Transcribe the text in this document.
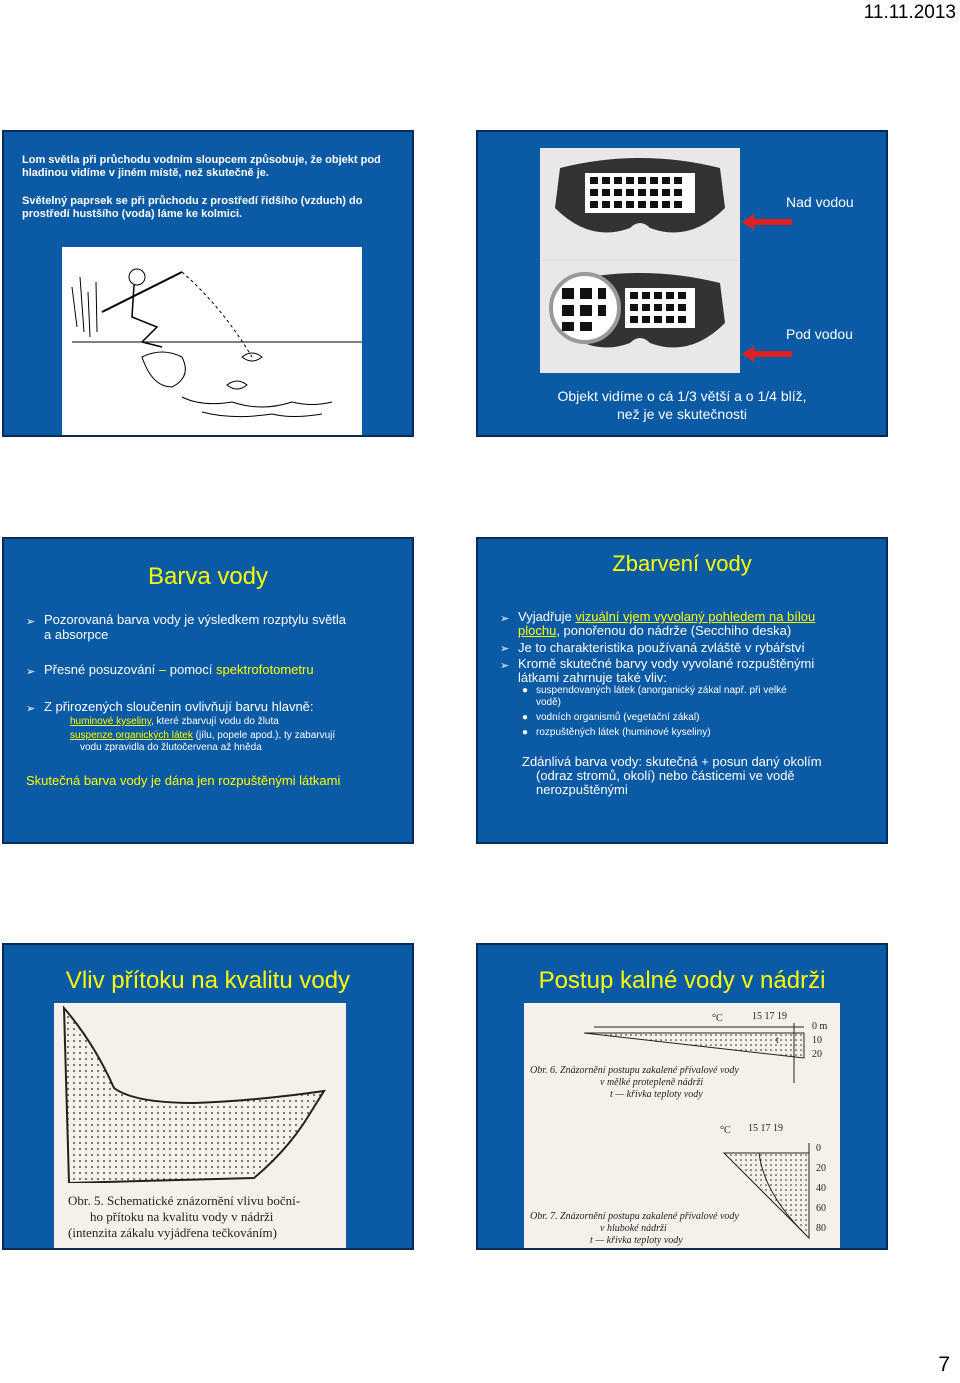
11.11.2013
Lom světla při průchodu vodním sloupcem způsobuje, že objekt pod hladinou vidíme v jiném místě, než skutečně je.
Světelný paprsek se při průchodu z prostředí řidšího (vzduch) do prostředí hustšího (voda) láme ke kolmici.
Nad vodou
Pod vodou
Objekt vidíme o cá 1/3 větší a o 1/4 blíž,
než je ve skutečnosti
Barva vody
➢ Pozorovaná barva vody je výsledkem rozptylu světla
a absorpce
➢ Přesné posuzování – pomocí spektrofotometru
➢ Z přirozených sloučenin ovlivňují barvu hlavně:
huminové kyseliny, které zbarvují vodu do žluta
suspenze organických látek (jílu, popele apod.), ty zabarvují
vodu zpravidla do žlutočervena až hněda
Skutečná barva vody je dána jen rozpuštěnými látkami
Zbarvení vody
➢ Vyjadřuje vizuální vjem vyvolaný pohledem na bílou
plochu, ponořenou do nádrže (Secchiho deska)
➢ Je to charakteristika používaná zvláště v rybářství
➢ Kromě skutečné barvy vody vyvolané rozpuštěnými
látkami zahrnuje také vliv:
● suspendovaných látek (anorganický zákal např. při velké
vodě)
● vodních organismů (vegetační zákal)
● rozpuštěných látek (huminové kyseliny)
Zdánlivá barva vody: skutečná + posun daný okolím
(odraz stromů, okolí) nebo částicemi ve vodě
nerozpuštěnými
Vliv přítoku na kvalitu vody
Obr. 5. Schematické znázornění vlivu boční-
ho přítoku na kvalitu vody v nádrži
(intenzita zákalu vyjádřena tečkováním)
Postup kalné vody v nádrži
°C	15 17 19
0 m
10
20
t
Obr. 6. Znázornění postupu zakalené přívalové vody
v mělké protepleně nádrži
t — křivka teploty vody
°C 15 17 19
0
20
40
60
80
Obr. 7. Znázornění postupu zakalené přívalové vody
v hluboké nádrži
t — křivka teploty vody
7
